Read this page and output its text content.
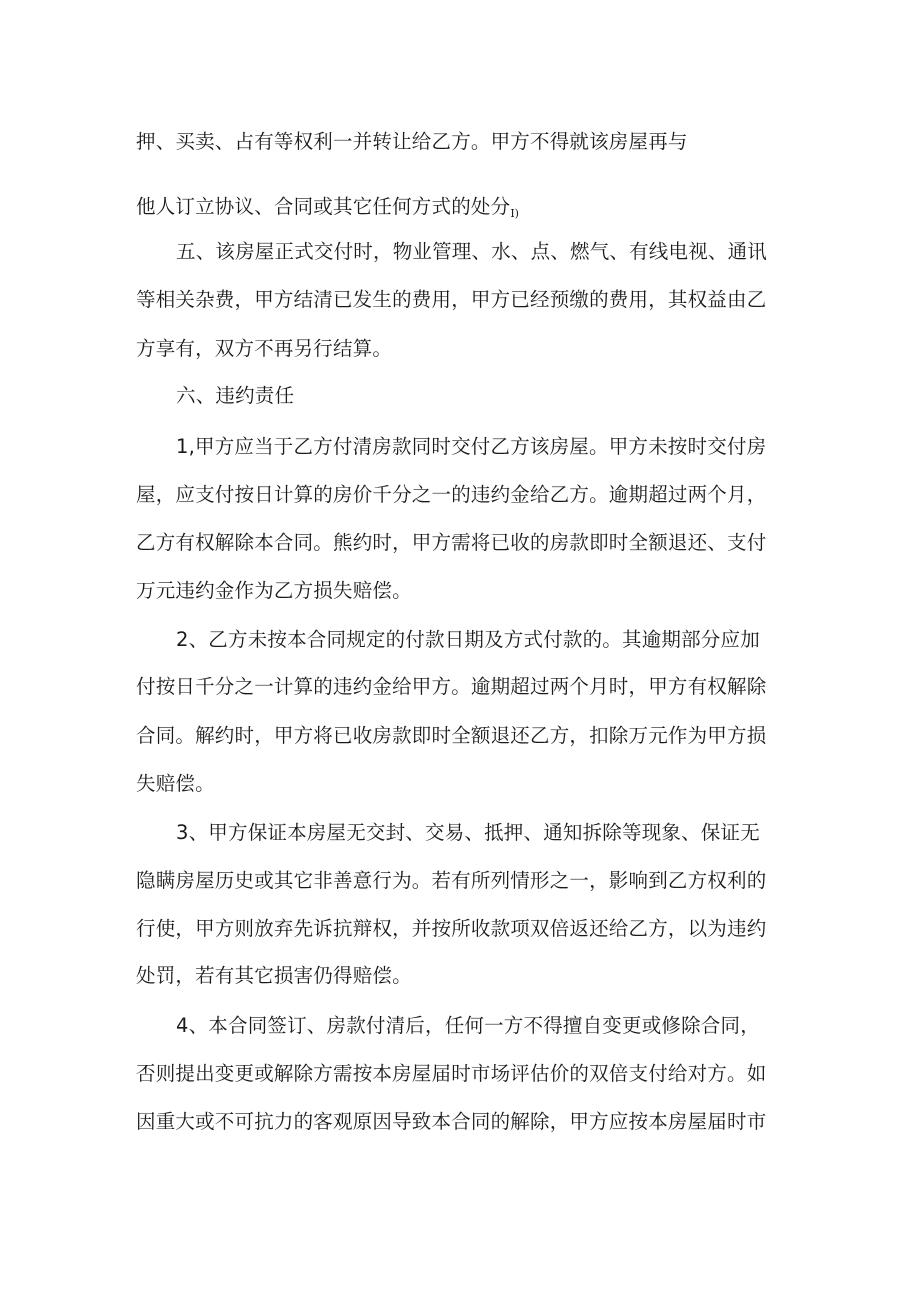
押、买卖、占有等权利一并转让给乙方。甲方不得就该房屋再与
他人订立协议、合同或其它任何方式的处分$_{I)}$
五、该房屋正式交付时，物业管理、水、点、燃气、有线电视、通讯
等相关杂费，甲方结清已发生的费用，甲方已经预缴的费用，其权益由乙
方享有，双方不再另行结算。
六、违约责任
1,甲方应当于乙方付清房款同时交付乙方该房屋。甲方未按时交付房
屋，应支付按日计算的房价千分之一的违约金给乙方。逾期超过两个月，
乙方有权解除本合同。熊约时，甲方需将已收的房款即时全额退还、支付
万元违约金作为乙方损失赔偿。
2、乙方未按本合同规定的付款日期及方式付款的。其逾期部分应加
付按日千分之一计算的违约金给甲方。逾期超过两个月时，甲方有权解除
合同。解约时，甲方将已收房款即时全额退还乙方，扣除万元作为甲方损
失赔偿。
3、甲方保证本房屋无交封、交易、抵押、通知拆除等现象、保证无
隐瞒房屋历史或其它非善意行为。若有所列情形之一，影响到乙方权利的
行使，甲方则放弃先诉抗辩权，并按所收款项双倍返还给乙方，以为违约
处罚，若有其它损害仍得赔偿。
4、本合同签订、房款付清后，任何一方不得擅自变更或修除合同，
否则提出变更或解除方需按本房屋届时市场评估价的双倍支付给对方。如
因重大或不可抗力的客观原因导致本合同的解除，甲方应按本房屋届时市
